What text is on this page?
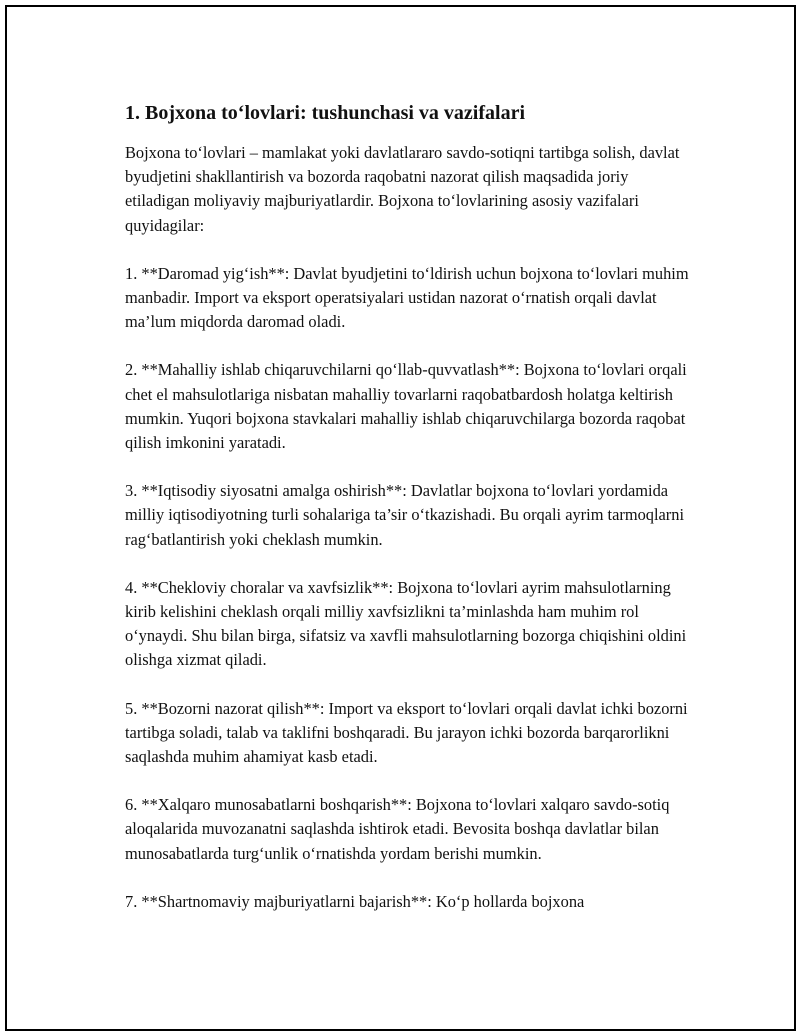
1. Bojxona to‘lovlari: tushunchasi va vazifalari

Bojxona to‘lovlari – mamlakat yoki davlatlararo savdo-sotiqni tartibga solish, davlat byudjetini shakllantirish va bozorda raqobatni nazorat qilish maqsadida joriy etiladigan moliyaviy majburiyatlardir. Bojxona to‘lovlarining asosiy vazifalari quyidagilar:

1. **Daromad yig‘ish**: Davlat byudjetini to‘ldirish uchun bojxona to‘lovlari muhim manbadir. Import va eksport operatsiyalari ustidan nazorat o‘rnatish orqali davlat ma’lum miqdorda daromad oladi.

2. **Mahalliy ishlab chiqaruvchilarni qo‘llab-quvvatlash**: Bojxona to‘lovlari orqali chet el mahsulotlariga nisbatan mahalliy tovarlarni raqobatbardosh holatga keltirish mumkin. Yuqori bojxona stavkalari mahalliy ishlab chiqaruvchilarga bozorda raqobat qilish imkonini yaratadi.

3. **Iqtisodiy siyosatni amalga oshirish**: Davlatlar bojxona to‘lovlari yordamida milliy iqtisodiyotning turli sohalariga ta’sir o‘tkazishadi. Bu orqali ayrim tarmoqlarni rag‘batlantirish yoki cheklash mumkin.

4. **Chekloviy choralar va xavfsizlik**: Bojxona to‘lovlari ayrim mahsulotlarning kirib kelishini cheklash orqali milliy xavfsizlikni ta’minlashda ham muhim rol o‘ynaydi. Shu bilan birga, sifatsiz va xavfli mahsulotlarning bozorga chiqishini oldini olishga xizmat qiladi.

5. **Bozorni nazorat qilish**: Import va eksport to‘lovlari orqali davlat ichki bozorni tartibga soladi, talab va taklifni boshqaradi. Bu jarayon ichki bozorda barqarorlikni saqlashda muhim ahamiyat kasb etadi.

6. **Xalqaro munosabatlarni boshqarish**: Bojxona to‘lovlari xalqaro savdo-sotiq aloqalarida muvozanatni saqlashda ishtirok etadi. Bevosita boshqa davlatlar bilan munosabatlarda turg‘unlik o‘rnatishda yordam berishi mumkin.

7. **Shartnomaviy majburiyatlarni bajarish**: Ko‘p hollarda bojxona
